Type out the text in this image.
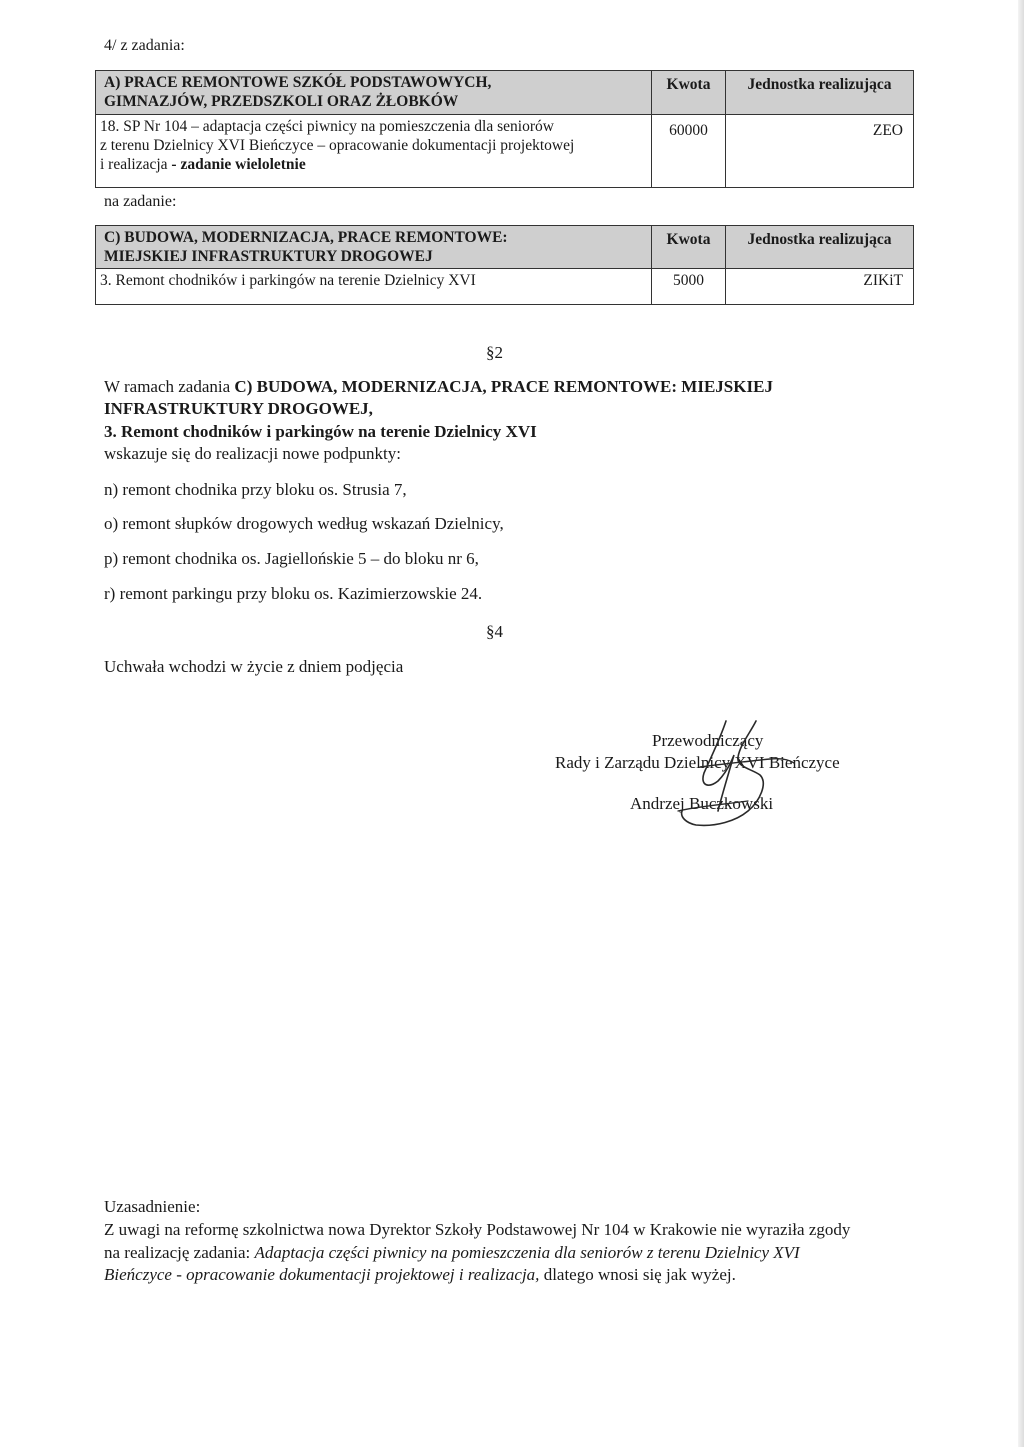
4/ z zadania:
A) PRACE REMONTOWE SZKÓŁ PODSTAWOWYCH,
GIMNAZJÓW, PRZEDSZKOLI ORAZ ŻŁOBKÓW	Kwota	Jednostka realizująca

18. SP Nr 104 – adaptacja części piwnicy na pomieszczenia dla seniorów
z terenu Dzielnicy XVI Bieńczyce – opracowanie dokumentacji projektowej
i realizacja - zadanie wieloletnie	60000	ZEO
na zadanie:
C) BUDOWA, MODERNIZACJA, PRACE REMONTOWE:
MIEJSKIEJ INFRASTRUKTURY DROGOWEJ	Kwota	Jednostka realizująca
3. Remont chodników i parkingów na terenie Dzielnicy XVI	5000	ZIKiT
§2
W ramach zadania C) BUDOWA, MODERNIZACJA, PRACE REMONTOWE: MIEJSKIEJ
INFRASTRUKTURY DROGOWEJ,
3. Remont chodników i parkingów na terenie Dzielnicy XVI
wskazuje się do realizacji nowe podpunkty:
n) remont chodnika przy bloku os. Strusia 7,
o) remont słupków drogowych według wskazań Dzielnicy,
p) remont chodnika os. Jagiellońskie 5 – do bloku nr 6,
r) remont parkingu przy bloku os. Kazimierzowskie 24.
§4
Uchwała wchodzi w życie z dniem podjęcia
Przewodniczący
Rady i Zarządu Dzielnicy XVI Bieńczyce
Andrzej Buczkowski
Uzasadnienie:
Z uwagi na reformę szkolnictwa nowa Dyrektor Szkoły Podstawowej Nr 104 w Krakowie nie wyraziła zgody
na realizację zadania: Adaptacja części piwnicy na pomieszczenia dla seniorów z terenu Dzielnicy XVI
Bieńczyce - opracowanie dokumentacji projektowej i realizacja, dlatego wnosi się jak wyżej.
